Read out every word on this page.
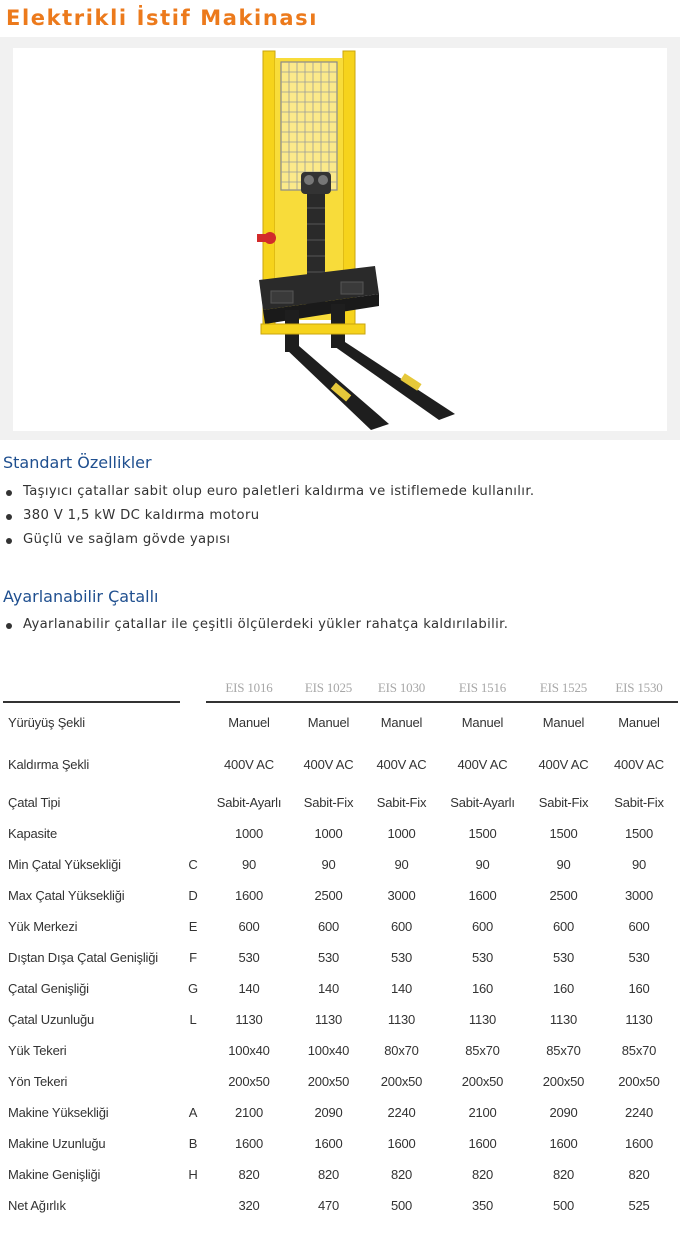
Elektrikli İstif Makinası
Standart Özellikler
Taşıyıcı çatallar sabit olup euro paletleri kaldırma ve istiflemede kullanılır.
380 V 1,5 kW DC kaldırma motoru
Güçlü ve sağlam gövde yapısı
Ayarlanabilir Çatallı
Ayarlanabilir çatallar ile çeşitli ölçülerdeki yükler rahatça kaldırılabilir.
		EIS 1016	EIS 1025	EIS 1030	EIS 1516	EIS 1525	EIS 1530
Yürüyüş Şekli		Manuel	Manuel	Manuel	Manuel	Manuel	Manuel
Kaldırma Şekli		400V AC	400V AC	400V AC	400V AC	400V AC	400V AC
Çatal Tipi		Sabit-Ayarlı	Sabit-Fix	Sabit-Fix	Sabit-Ayarlı	Sabit-Fix	Sabit-Fix
Kapasite		1000	1000	1000	1500	1500	1500
Min Çatal Yüksekliği	C	90	90	90	90	90	90
Max Çatal Yüksekliği	D	1600	2500	3000	1600	2500	3000
Yük Merkezi	E	600	600	600	600	600	600
Dıştan Dışa Çatal Genişliği	F	530	530	530	530	530	530
Çatal Genişliği	G	140	140	140	160	160	160
Çatal Uzunluğu	L	1130	1130	1130	1130	1130	1130
Yük Tekeri		100x40	100x40	80x70	85x70	85x70	85x70
Yön Tekeri		200x50	200x50	200x50	200x50	200x50	200x50
Makine Yüksekliği	A	2100	2090	2240	2100	2090	2240
Makine Uzunluğu	B	1600	1600	1600	1600	1600	1600
Makine Genişliği	H	820	820	820	820	820	820
Net Ağırlık		320	470	500	350	500	525
